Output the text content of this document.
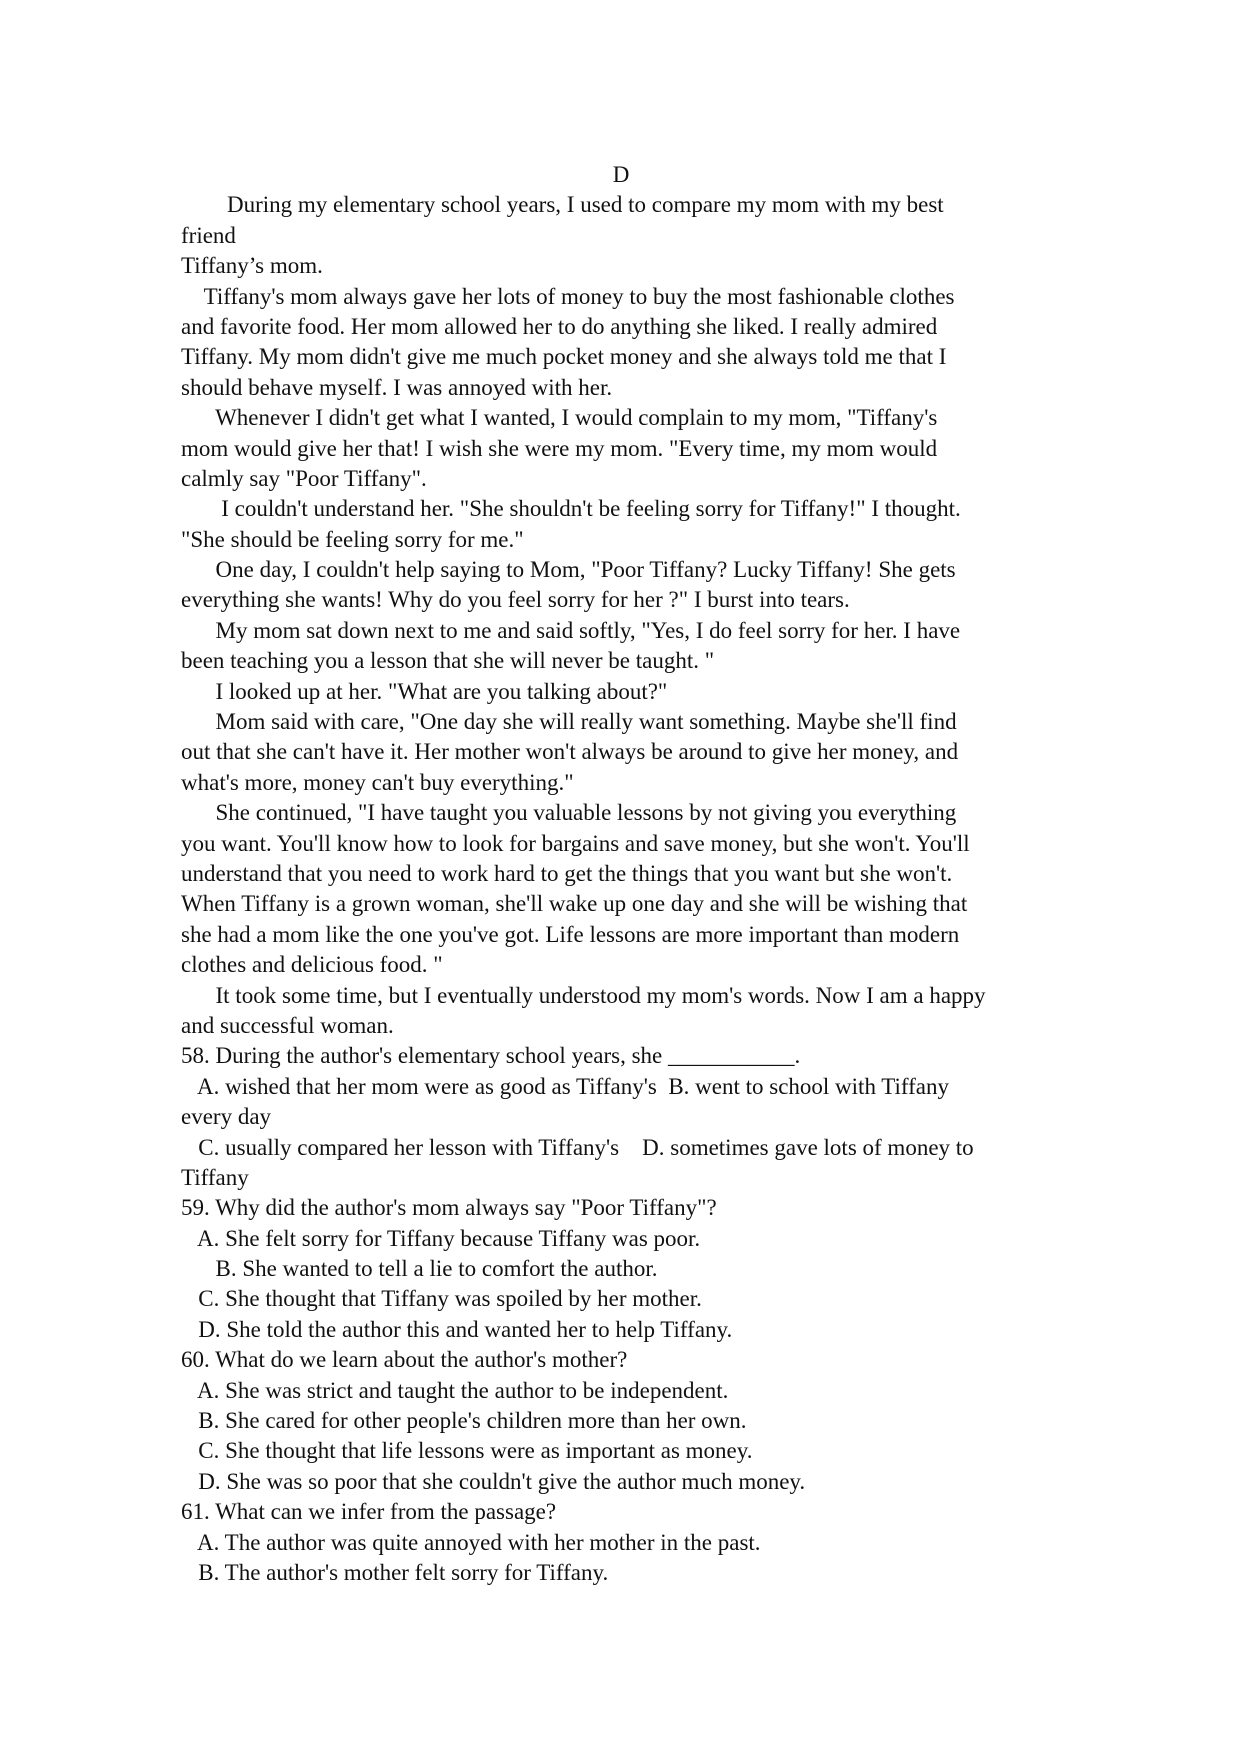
D
During my elementary school years, I used to compare my mom with my best
friend
Tiffany’s mom.
Tiffany's mom always gave her lots of money to buy the most fashionable clothes
and favorite food. Her mom allowed her to do anything she liked. I really admired
Tiffany. My mom didn't give me much pocket money and she always told me that I
should behave myself. I was annoyed with her.
Whenever I didn't get what I wanted, I would complain to my mom, "Tiffany's
mom would give her that! I wish she were my mom. "Every time, my mom would
calmly say "Poor Tiffany".
I couldn't understand her. "She shouldn't be feeling sorry for Tiffany!" I thought.
"She should be feeling sorry for me."
One day, I couldn't help saying to Mom, "Poor Tiffany? Lucky Tiffany! She gets
everything she wants! Why do you feel sorry for her ?" I burst into tears.
My mom sat down next to me and said softly, "Yes, I do feel sorry for her. I have
been teaching you a lesson that she will never be taught. "
I looked up at her. "What are you talking about?"
Mom said with care, "One day she will really want something. Maybe she'll find
out that she can't have it. Her mother won't always be around to give her money, and
what's more, money can't buy everything."
She continued, "I have taught you valuable lessons by not giving you everything
you want. You'll know how to look for bargains and save money, but she won't. You'll
understand that you need to work hard to get the things that you want but she won't.
When Tiffany is a grown woman, she'll wake up one day and she will be wishing that
she had a mom like the one you've got. Life lessons are more important than modern
clothes and delicious food. "
It took some time, but I eventually understood my mom's words. Now I am a happy
and successful woman.
58. During the author's elementary school years, she ___________.
A. wished that her mom were as good as Tiffany's  B. went to school with Tiffany
every day
C. usually compared her lesson with Tiffany's    D. sometimes gave lots of money to
Tiffany
59. Why did the author's mom always say "Poor Tiffany"?
A. She felt sorry for Tiffany because Tiffany was poor.
B. She wanted to tell a lie to comfort the author.
C. She thought that Tiffany was spoiled by her mother.
D. She told the author this and wanted her to help Tiffany.
60. What do we learn about the author's mother?
A. She was strict and taught the author to be independent.
B. She cared for other people's children more than her own.
C. She thought that life lessons were as important as money.
D. She was so poor that she couldn't give the author much money.
61. What can we infer from the passage?
A. The author was quite annoyed with her mother in the past.
B. The author's mother felt sorry for Tiffany.
